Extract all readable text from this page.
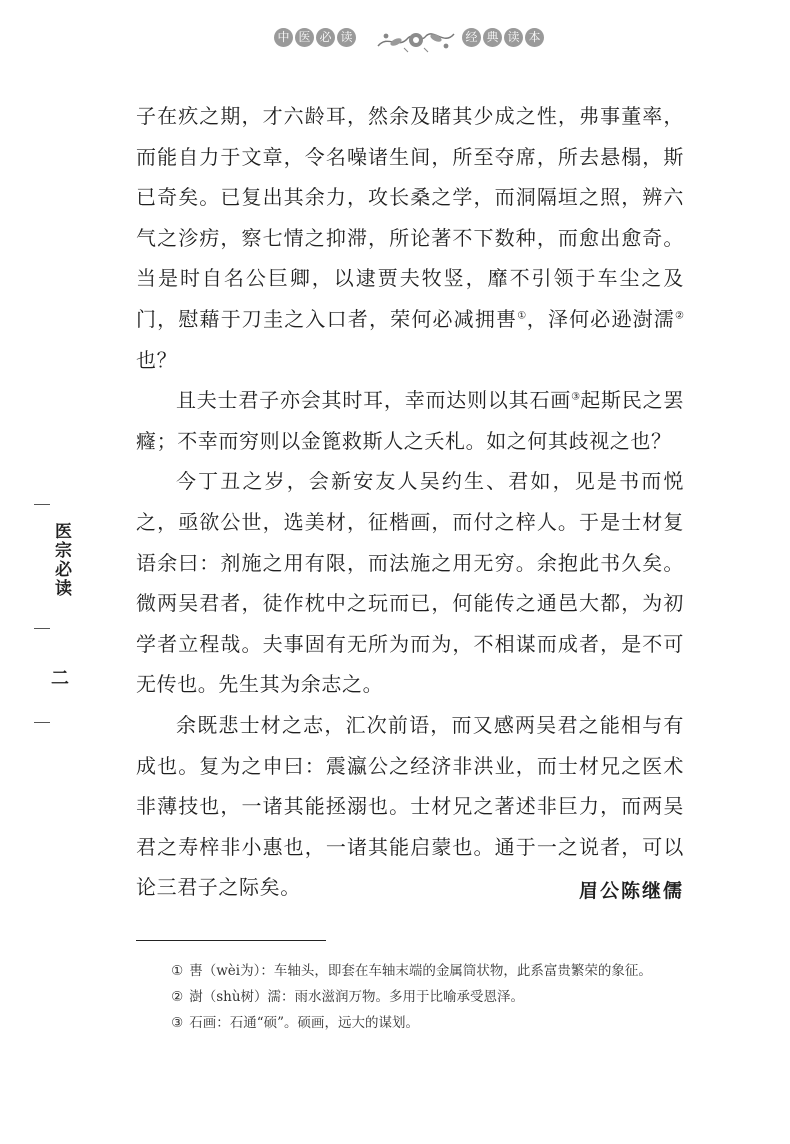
中 医 必 读	经 典 读 本

子在疚之期，才六龄耳，然余及睹其少成之性，弗事董率，而能自力于文章，令名噪诸生间，所至夺席，所去悬榻，斯已奇矣。已复出其余力，攻长桑之学，而洞隔垣之照，辨六气之沴疠，察七情之抑滞，所论著不下数种，而愈出愈奇。当是时自名公巨卿，以逮贾夫牧竖，靡不引领于车尘之及门，慰藉于刀圭之入口者，荣何必减拥軎①，泽何必逊澍濡②也？

且夫士君子亦会其时耳，幸而达则以其石画③起斯民之罢癃；不幸而穷则以金篦救斯人之夭札。如之何其歧视之也？

今丁丑之岁，会新安友人吴约生、君如，见是书而悦之，亟欲公世，选美材，征楷画，而付之梓人。于是士材复语余曰：剂施之用有限，而法施之用无穷。余抱此书久矣。微两吴君者，徒作枕中之玩而已，何能传之通邑大都，为初学者立程哉。夫事固有无所为而为，不相谋而成者，是不可无传也。先生其为余志之。

余既悲士材之志，汇次前语，而又感两吴君之能相与有成也。复为之申曰：震瀛公之经济非洪业，而士材兄之医术非薄技也，一诸其能拯溺也。士材兄之著述非巨力，而两吴君之寿梓非小惠也，一诸其能启蒙也。通于一之说者，可以论三君子之际矣。	眉公陈继儒

① 軎（wèi为）：车轴头，即套在车轴末端的金属筒状物，此系富贵繁荣的象征。

② 澍（shù树）濡：雨水滋润万物。多用于比喻承受恩泽。

③ 石画：石通“硕”。硕画，远大的谋划。

医宗必读
二
